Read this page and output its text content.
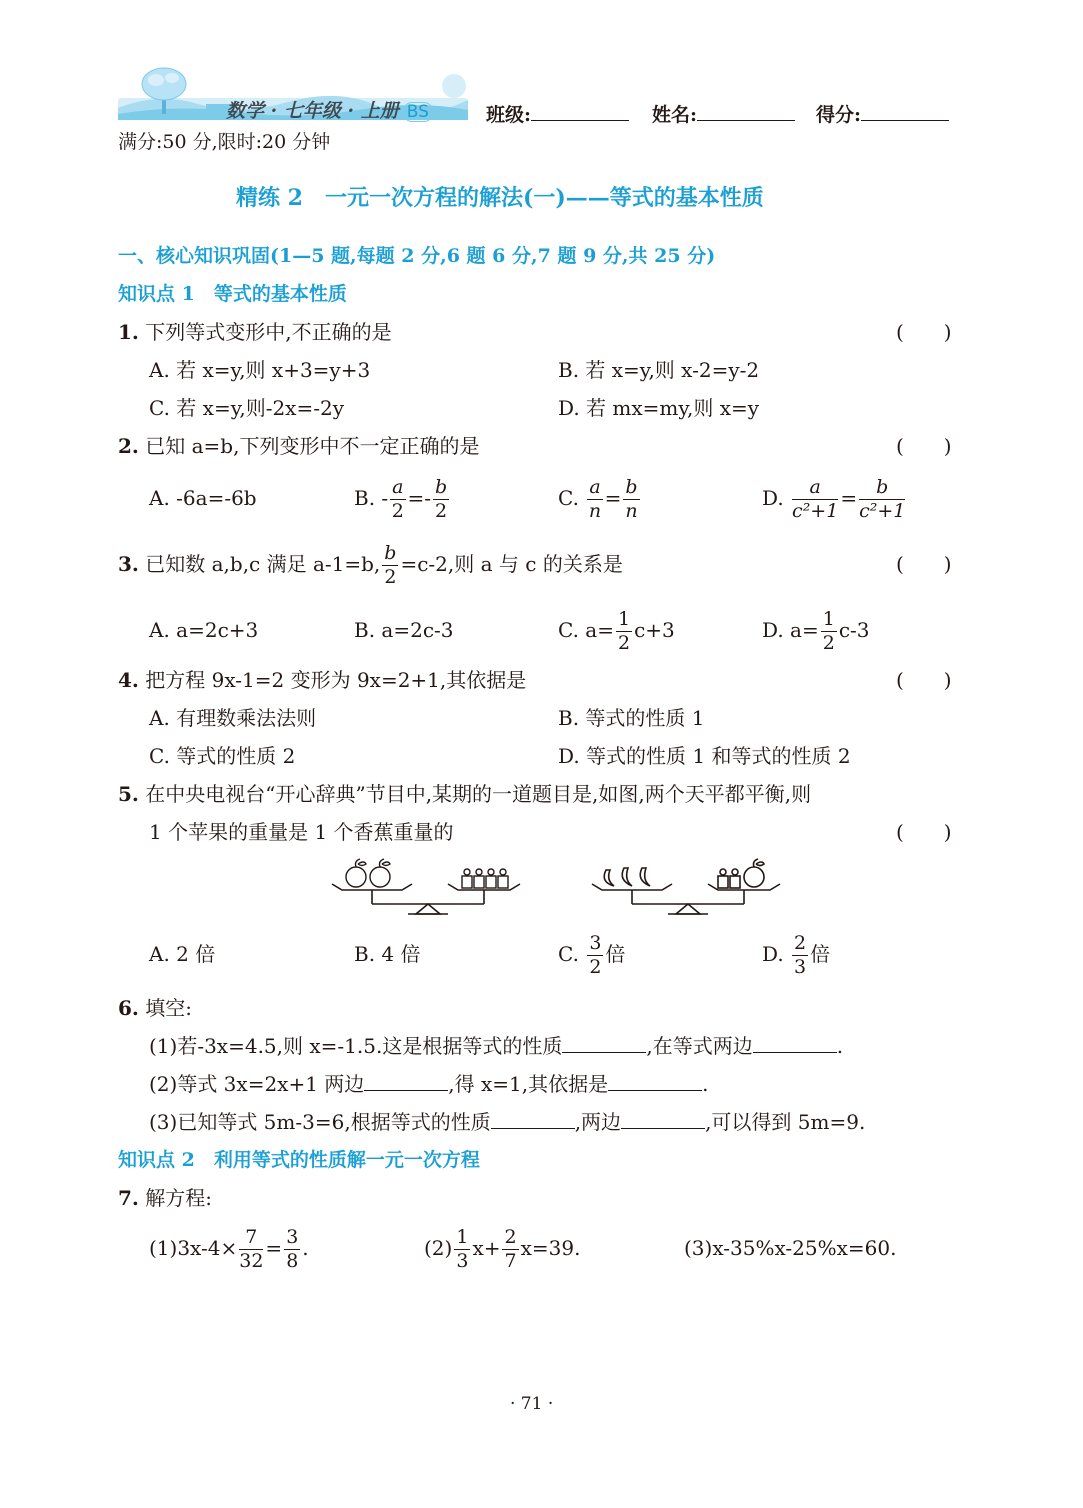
数学 · 七年级 · 上册 BS	班级:	姓名:	得分:
满分:50 分,限时:20 分钟
精练 2　一元一次方程的解法(一)——等式的基本性质
一、核心知识巩固(1—5 题,每题 2 分,6 题 6 分,7 题 9 分,共 25 分)
知识点 1　等式的基本性质
1. 下列等式变形中,不正确的是	(　　)
A. 若 x=y,则 x+3=y+3	B. 若 x=y,则 x-2=y-2
C. 若 x=y,则-2x=-2y	D. 若 mx=my,则 x=y
2. 已知 a=b,下列变形中不一定正确的是	(　　)
A. -6a=-6b	B. - $\frac{a}{2} =- \frac{b}{2}$	C. $\frac{a}{n} = \frac{b}{n}$	D. $\frac{a}{\text{c²+1}} = \frac{b}{\text{c²+1}}$
3. 已知数 a,b,c 满足 a-1=b, $\frac{b}{2} =c-2$,则 a 与 c 的关系是	(　　)
A. a=2c+3	B. a=2c-3	C. $a= \frac{1}{2} c+3$	D. $a= \frac{1}{2} c-3$
4. 把方程 9x-1=2 变形为 9x=2+1,其依据是	(　　)
A. 有理数乘法法则	B. 等式的性质 1
C. 等式的性质 2	D. 等式的性质 1 和等式的性质 2
5. 在中央电视台“开心辞典”节目中,某期的一道题目是,如图,两个天平都平衡,则
1 个苹果的重量是 1 个香蕉重量的	(　　)
A. 2 倍	B. 4 倍	C. $\frac{3}{2}$ 倍	D. $\frac{2}{3}$ 倍
6. 填空:
(1)若-3x=4.5,则 x=-1.5.这是根据等式的性质	,在等式两边	.
(2)等式 3x=2x+1 两边	,得 x=1,其依据是	.
(3)已知等式 5m-3=6,根据等式的性质	,两边	,可以得到 5m=9.
知识点 2　利用等式的性质解一元一次方程
7. 解方程:
$(1)3x-4\times \frac{7}{32} = \frac{3}{8}$ .	$(2) \frac{1}{3} x+ \frac{2}{7} x=39$.	(3)x-35%x-25%x=60.
· 71 ·
